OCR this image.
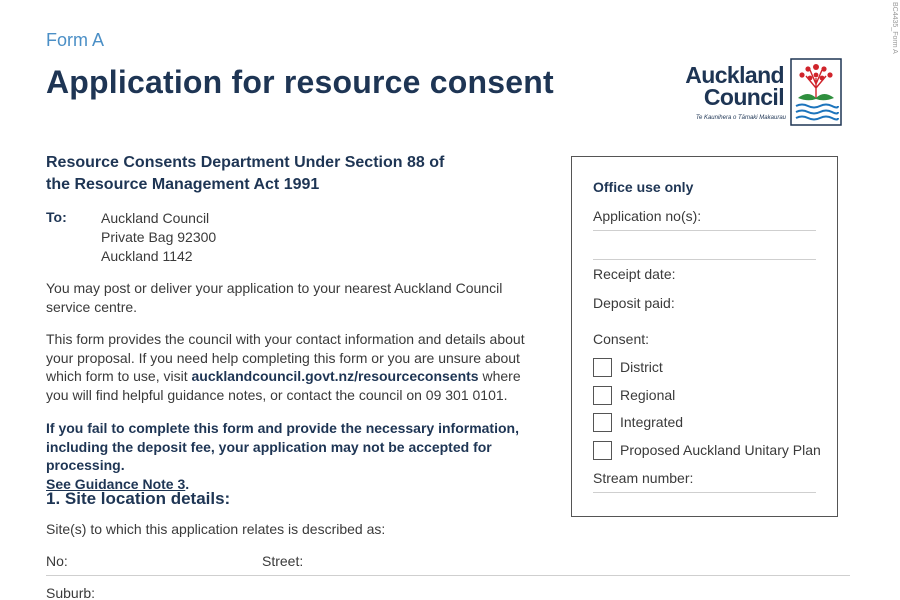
BC4435_Form A
Form A
Application for resource consent	Auckland
Council
Te Kaunihera o Tāmaki Makaurau
Resource Consents Department Under Section 88 of
the Resource Management Act 1991
To: Auckland Council
Private Bag 92300
Auckland 1142
You may post or deliver your application to your nearest Auckland Council
service centre.
This form provides the council with your contact information and details about
your proposal. If you need help completing this form or you are unsure about
which form to use, visit aucklandcouncil.govt.nz/resourceconsents where
you will find helpful guidance notes, or contact the council on 09 301 0101.
If you fail to complete this form and provide the necessary information,
including the deposit fee, your application may not be accepted for processing.
See Guidance Note 3.
1. Site location details:
Site(s) to which this application relates is described as:
No:	Street:
Suburb:
Office use only
Application no(s):
Receipt date:
Deposit paid:
Consent:
District
Regional
Integrated
Proposed Auckland Unitary Plan
Stream number:
